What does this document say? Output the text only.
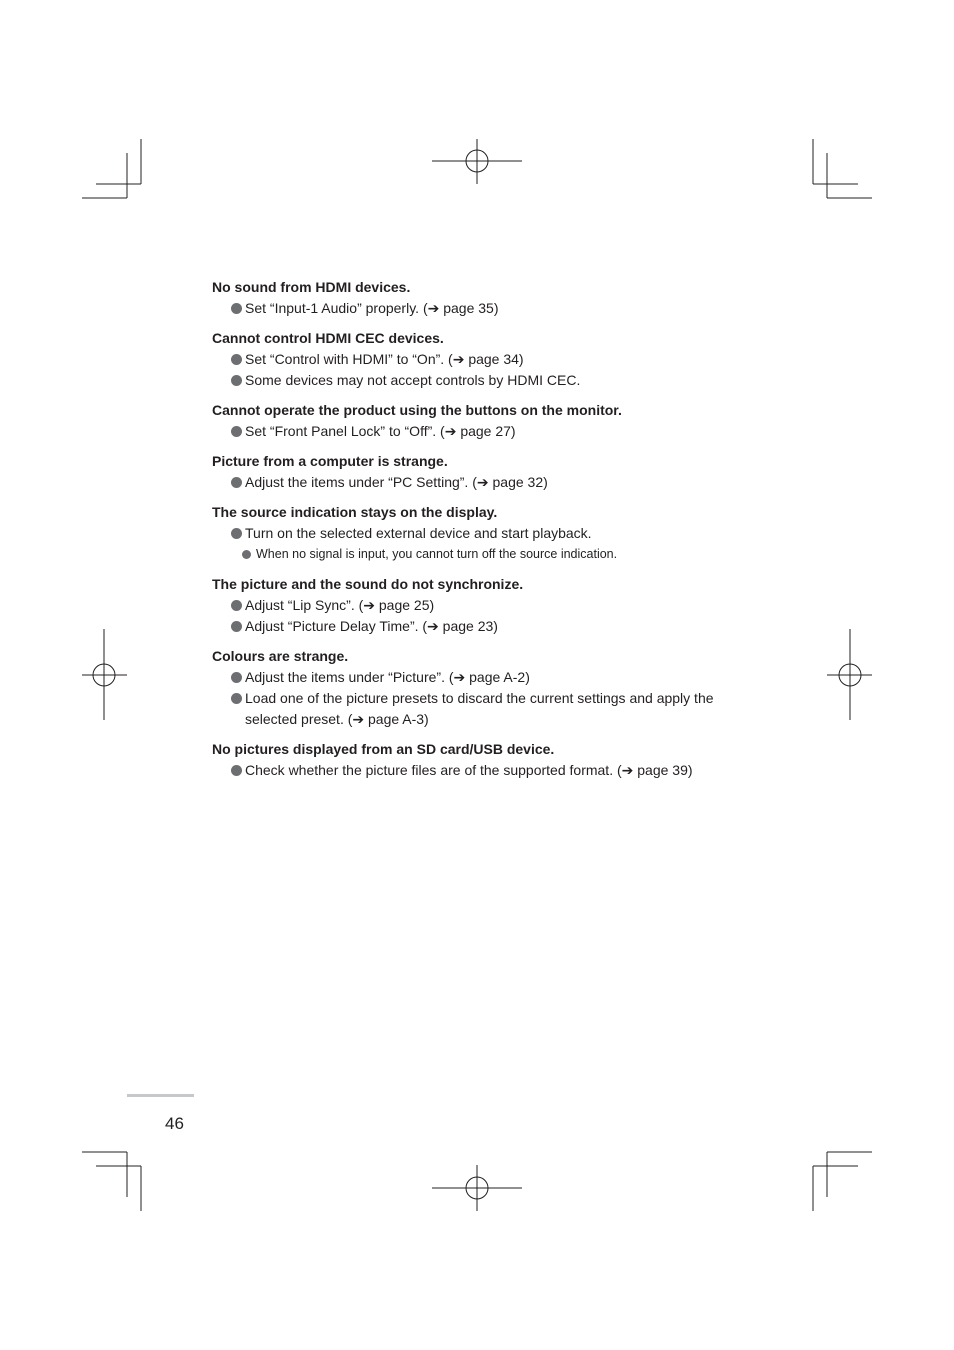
No sound from HDMI devices.

Set “Input-1 Audio” properly. (➔ page 35)

Cannot control HDMI CEC devices.

Set “Control with HDMI” to “On”. (➔ page 34)
Some devices may not accept controls by HDMI CEC.

Cannot operate the product using the buttons on the monitor.

Set “Front Panel Lock” to “Off”. (➔ page 27)

Picture from a computer is strange.

Adjust the items under “PC Setting”. (➔ page 32)

The source indication stays on the display.

Turn on the selected external device and start playback.
When no signal is input, you cannot turn off the source indication.

The picture and the sound do not synchronize.

Adjust “Lip Sync”. (➔ page 25)
Adjust “Picture Delay Time”. (➔ page 23)

Colours are strange.

Adjust the items under “Picture”. (➔ page A-2)
Load one of the picture presets to discard the current settings and apply the selected preset. (➔ page A-3)

No pictures displayed from an SD card/USB device.

Check whether the picture files are of the supported format. (➔ page 39)
46
